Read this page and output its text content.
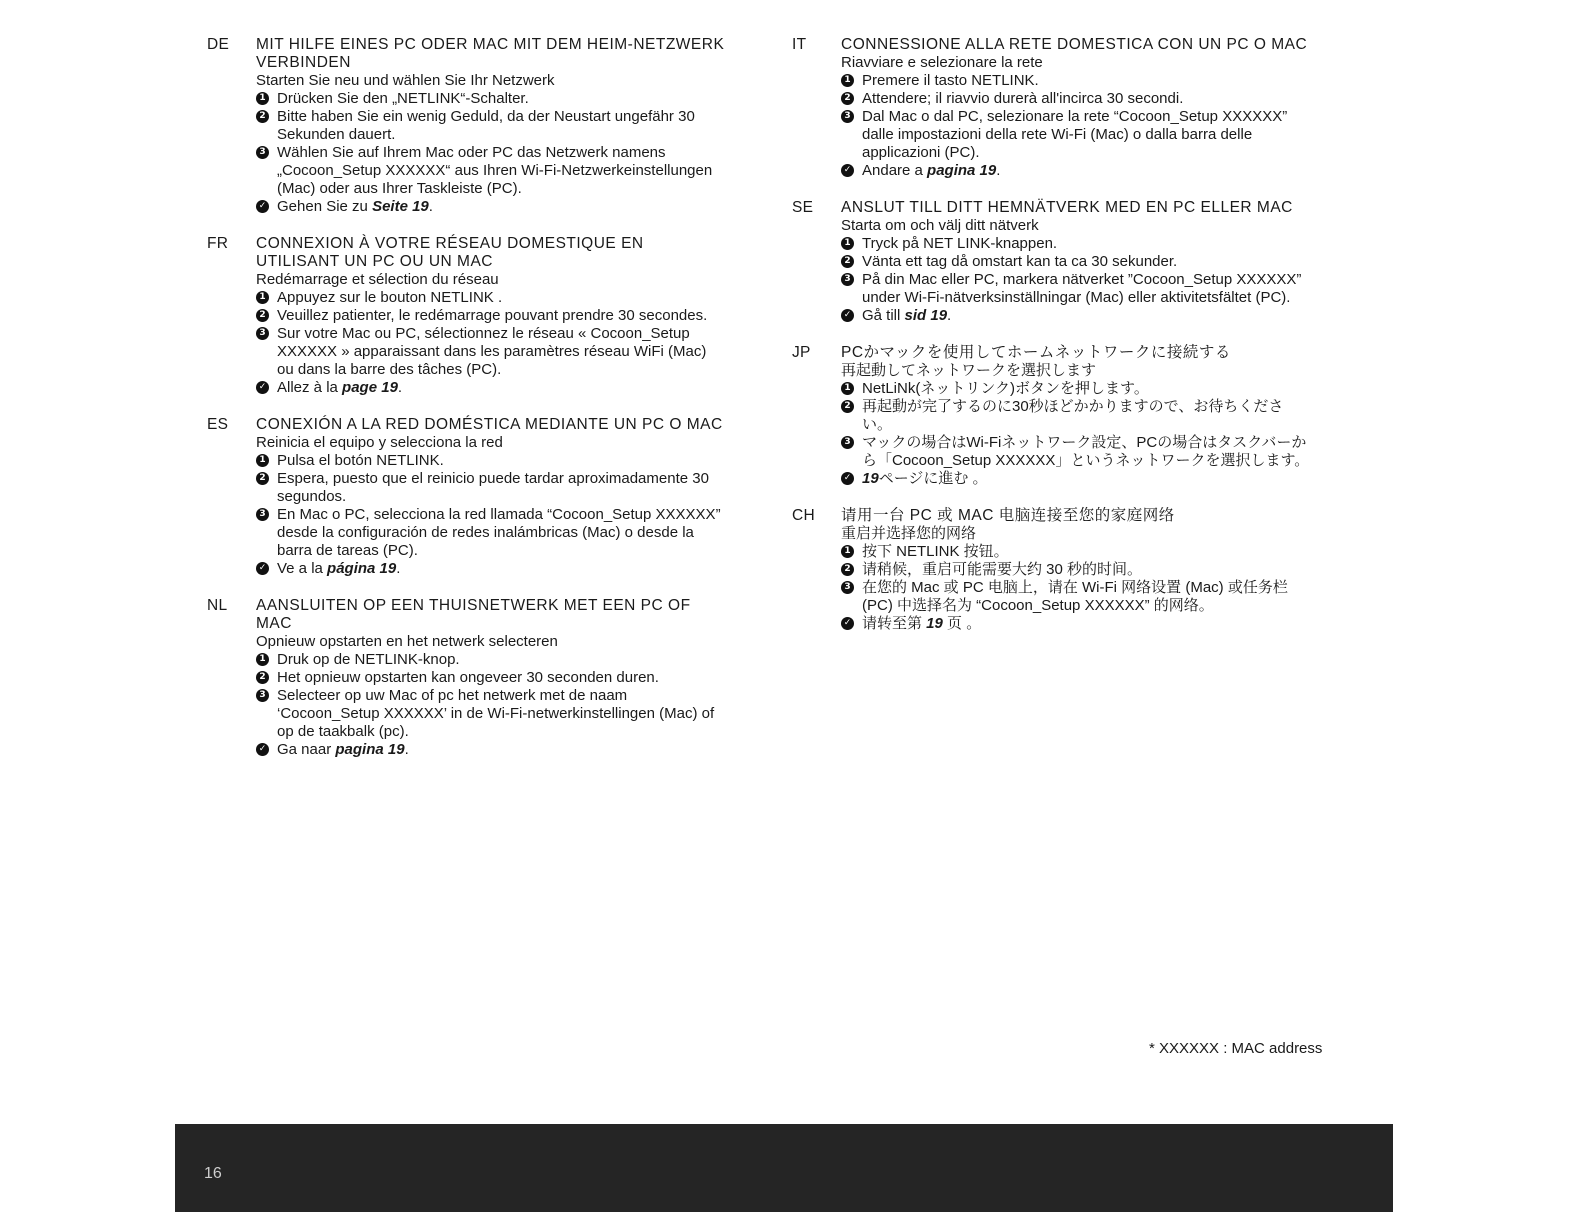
DE MIT HILFE EINES PC ODER MAC MIT DEM HEIM-NETZWERK VERBINDEN
Starten Sie neu und wählen Sie Ihr Netzwerk
1 Drücken Sie den „NETLINK“-Schalter.
2 Bitte haben Sie ein wenig Geduld, da der Neustart ungefähr 30 Sekunden dauert.
3 Wählen Sie auf Ihrem Mac oder PC das Netzwerk namens „Cocoon_Setup XXXXXX“ aus Ihren Wi-Fi-Netzwerkeinstellungen (Mac) oder aus Ihrer Taskleiste (PC).
✓ Gehen Sie zu Seite 19.
FR CONNEXION À VOTRE RÉSEAU DOMESTIQUE EN UTILISANT UN PC OU UN MAC
Redémarrage et sélection du réseau
1 Appuyez sur le bouton NETLINK .
2 Veuillez patienter, le redémarrage pouvant prendre 30 secondes.
3 Sur votre Mac ou PC, sélectionnez le réseau « Cocoon_Setup XXXXXX » apparaissant dans les paramètres réseau WiFi (Mac) ou dans la barre des tâches (PC).
✓ Allez à la page 19.
ES CONEXIÓN A LA RED DOMÉSTICA MEDIANTE UN PC O MAC
Reinicia el equipo y selecciona la red
1 Pulsa el botón NETLINK.
2 Espera, puesto que el reinicio puede tardar aproximadamente 30 segundos.
3 En Mac o PC, selecciona la red llamada “Cocoon_Setup XXXXXX” desde la configuración de redes inalámbricas (Mac) o desde la barra de tareas (PC).
✓ Ve a la página 19.
NL AANSLUITEN OP EEN THUISNETWERK MET EEN PC OF MAC
Opnieuw opstarten en het netwerk selecteren
1 Druk op de NETLINK-knop.
2 Het opnieuw opstarten kan ongeveer 30 seconden duren.
3 Selecteer op uw Mac of pc het netwerk met de naam ‘Cocoon_Setup XXXXXX’ in de Wi-Fi-netwerkinstellingen (Mac) of op de taakbalk (pc).
✓ Ga naar pagina 19.
IT CONNESSIONE ALLA RETE DOMESTICA CON UN PC O MAC
Riavviare e selezionare la rete
1 Premere il tasto NETLINK.
2 Attendere; il riavvio durerà all'incirca 30 secondi.
3 Dal Mac o dal PC, selezionare la rete “Cocoon_Setup XXXXXX” dalle impostazioni della rete Wi-Fi (Mac) o dalla barra delle applicazioni (PC).
✓ Andare a pagina 19.
SE ANSLUT TILL DITT HEMNÄTVERK MED EN PC ELLER MAC
Starta om och välj ditt nätverk
1 Tryck på NET LINK-knappen.
2 Vänta ett tag då omstart kan ta ca 30 sekunder.
3 På din Mac eller PC, markera nätverket ”Cocoon_Setup XXXXXX” under Wi-Fi-nätverksinställningar (Mac) eller aktivitetsfältet (PC).
✓ Gå till sid 19.
JP PCかマックを使用してホームネットワークに接続する
再起動してネットワークを選択します
1 NetLiNk(ネットリンク)ボタンを押します。
2 再起動が完了するのに30秒ほどかかりますので、お待ちください。
3 マックの場合はWi-Fiネットワーク設定、PCの場合はタスクバーから「Cocoon_Setup XXXXXX」というネットワークを選択します。
✓ 19ページに進む 。
CH 请用一台 PC 或 MAC 电脑连接至您的家庭网络
重启并选择您的网络
1 按下 NETLINK 按钮。
2 请稍候，重启可能需要大约 30 秒的时间。
3 在您的 Mac 或 PC 电脑上，请在 Wi-Fi 网络设置 (Mac) 或任务栏 (PC) 中选择名为 “Cocoon_Setup XXXXXX” 的网络。
✓ 请转至第 19 页 。
* XXXXXX : MAC address
16
